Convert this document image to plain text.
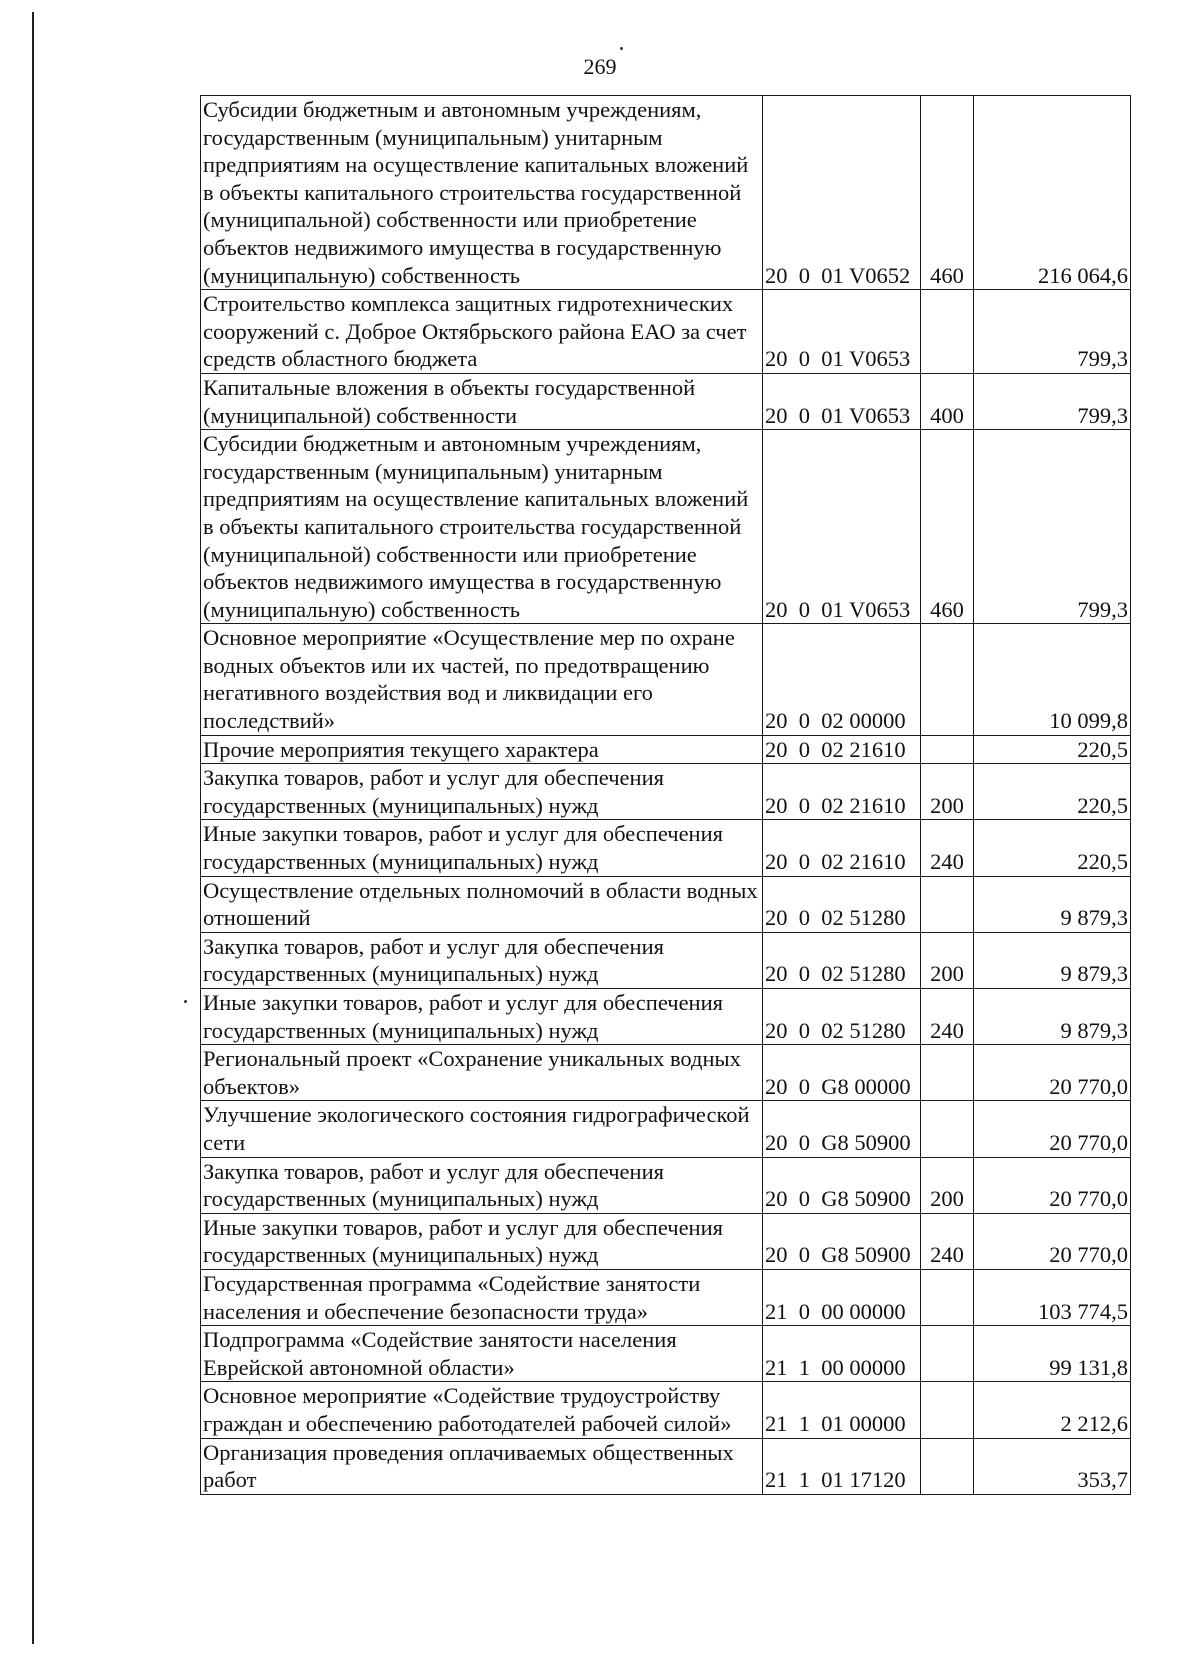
269
Субсидии бюджетным и автономным учреждениям, государственным (муниципальным) унитарным предприятиям на осуществление капитальных вложений в объекты капитального строительства государственной (муниципальной) собственности или приобретение объектов недвижимого имущества в государственную (муниципальную) собственность	20  0  01 V0652	460	216 064,6
Строительство комплекса защитных гидротехнических сооружений с. Доброе Октябрьского района ЕАО за счет средств областного бюджета	20  0  01 V0653		799,3
Капитальные вложения в объекты государственной (муниципальной) собственности	20  0  01 V0653	400	799,3
Субсидии бюджетным и автономным учреждениям, государственным (муниципальным) унитарным предприятиям на осуществление капитальных вложений в объекты капитального строительства государственной (муниципальной) собственности или приобретение объектов недвижимого имущества в государственную (муниципальную) собственность	20  0  01 V0653	460	799,3
Основное мероприятие «Осуществление мер по охране водных объектов или их частей, по предотвращению негативного воздействия вод и ликвидации его последствий»	20  0  02 00000		10 099,8
Прочие мероприятия текущего характера	20  0  02 21610		220,5
Закупка товаров, работ и услуг для обеспечения государственных (муниципальных) нужд	20  0  02 21610	200	220,5
Иные закупки товаров, работ и услуг для обеспечения государственных (муниципальных) нужд	20  0  02 21610	240	220,5
Осуществление отдельных полномочий в области водных отношений	20  0  02 51280		9 879,3
Закупка товаров, работ и услуг для обеспечения государственных (муниципальных) нужд	20  0  02 51280	200	9 879,3
Иные закупки товаров, работ и услуг для обеспечения государственных (муниципальных) нужд	20  0  02 51280	240	9 879,3
Региональный проект «Сохранение уникальных водных объектов»	20  0  G8 00000		20 770,0
Улучшение экологического состояния гидрографической сети	20  0  G8 50900		20 770,0
Закупка товаров, работ и услуг для обеспечения государственных (муниципальных) нужд	20  0  G8 50900	200	20 770,0
Иные закупки товаров, работ и услуг для обеспечения государственных (муниципальных) нужд	20  0  G8 50900	240	20 770,0
Государственная программа «Содействие занятости населения и обеспечение безопасности труда»	21  0  00 00000		103 774,5
Подпрограмма «Содействие занятости населения Еврейской автономной области»	21  1  00 00000		99 131,8
Основное мероприятие «Содействие трудоустройству граждан и обеспечению работодателей рабочей силой»	21  1  01 00000		2 212,6
Организация проведения оплачиваемых общественных работ	21  1  01 17120		353,7
